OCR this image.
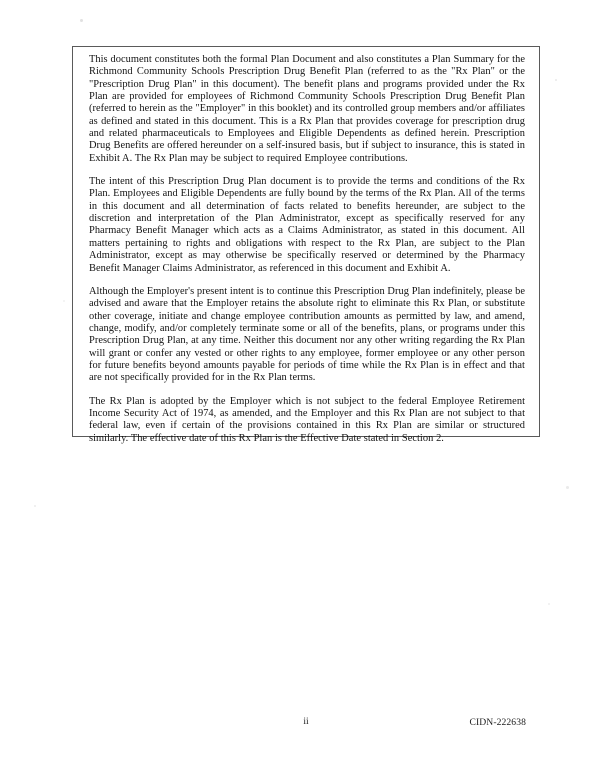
This document constitutes both the formal Plan Document and also constitutes a Plan Summary for the Richmond Community Schools Prescription Drug Benefit Plan (referred to as the "Rx Plan" or the "Prescription Drug Plan" in this document). The benefit plans and programs provided under the Rx Plan are provided for employees of Richmond Community Schools Prescription Drug Benefit Plan (referred to herein as the "Employer" in this booklet) and its controlled group members and/or affiliates as defined and stated in this document. This is a Rx Plan that provides coverage for prescription drug and related pharmaceuticals to Employees and Eligible Dependents as defined herein. Prescription Drug Benefits are offered hereunder on a self-insured basis, but if subject to insurance, this is stated in Exhibit A. The Rx Plan may be subject to required Employee contributions.

The intent of this Prescription Drug Plan document is to provide the terms and conditions of the Rx Plan. Employees and Eligible Dependents are fully bound by the terms of the Rx Plan. All of the terms in this document and all determination of facts related to benefits hereunder, are subject to the discretion and interpretation of the Plan Administrator, except as specifically reserved for any Pharmacy Benefit Manager which acts as a Claims Administrator, as stated in this document. All matters pertaining to rights and obligations with respect to the Rx Plan, are subject to the Plan Administrator, except as may otherwise be specifically reserved or determined by the Pharmacy Benefit Manager Claims Administrator, as referenced in this document and Exhibit A.

Although the Employer's present intent is to continue this Prescription Drug Plan indefinitely, please be advised and aware that the Employer retains the absolute right to eliminate this Rx Plan, or substitute other coverage, initiate and change employee contribution amounts as permitted by law, and amend, change, modify, and/or completely terminate some or all of the benefits, plans, or programs under this Prescription Drug Plan, at any time. Neither this document nor any other writing regarding the Rx Plan will grant or confer any vested or other rights to any employee, former employee or any other person for future benefits beyond amounts payable for periods of time while the Rx Plan is in effect and that are not specifically provided for in the Rx Plan terms.

The Rx Plan is adopted by the Employer which is not subject to the federal Employee Retirement Income Security Act of 1974, as amended, and the Employer and this Rx Plan are not subject to that federal law, even if certain of the provisions contained in this Rx Plan are similar or structured similarly. The effective date of this Rx Plan is the Effective Date stated in Section 2.

ii	CIDN-222638
